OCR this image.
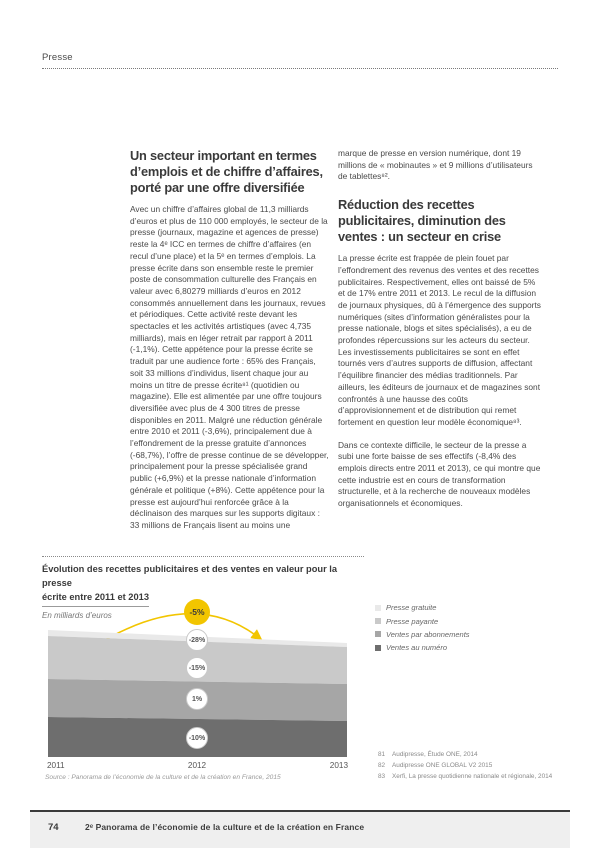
Presse
Un secteur important en termes d’emplois et de chiffre d’affaires, porté par une offre diversifiée
Avec un chiffre d’affaires global de 11,3 milliards d’euros et plus de 110 000 employés, le secteur de la presse (journaux, magazine et agences de presse) reste la 4ᵉ ICC en termes de chiffre d’affaires (en recul d’une place) et la 5ᵉ en termes d’emplois. La presse écrite dans son ensemble reste le premier poste de consommation culturelle des Français en valeur avec 6,80279 milliards d’euros en 2012 consommés annuellement dans les journaux, revues et périodiques. Cette activité reste devant les spectacles et les activités artistiques (avec 4,735 milliards), mais en léger retrait par rapport à 2011 (-1,1%). Cette appétence pour la presse écrite se traduit par une audience forte : 65% des Français, soit 33 millions d’individus, lisent chaque jour au moins un titre de presse écrite⁸¹ (quotidien ou magazine). Elle est alimentée par une offre toujours diversifiée avec plus de 4 300 titres de presse disponibles en 2011. Malgré une réduction générale entre 2010 et 2011 (-3,6%), principalement due à l’effondrement de la presse gratuite d’annonces (-68,7%), l’offre de presse continue de se développer, principalement pour la presse spécialisée grand public (+6,9%) et la presse nationale d’information générale et politique (+8%). Cette appétence pour la presse est aujourd’hui renforcée grâce à la déclinaison des marques sur les supports digitaux : 33 millions de Français lisent au moins une
marque de presse en version numérique, dont 19 millions de « mobinautes » et 9 millions d’utilisateurs de tablettes⁸².
Réduction des recettes publicitaires, diminution des ventes : un secteur en crise
La presse écrite est frappée de plein fouet par l’effondrement des revenus des ventes et des recettes publicitaires. Respectivement, elles ont baissé de 5% et de 17% entre 2011 et 2013. Le recul de la diffusion de journaux physiques, dû à l’émergence des supports numériques (sites d’information généralistes pour la presse nationale, blogs et sites spécialisés), a eu de profondes répercussions sur les acteurs du secteur. Les investissements publicitaires se sont en effet tournés vers d’autres supports de diffusion, affectant l’équilibre financier des médias traditionnels. Par ailleurs, les éditeurs de journaux et de magazines sont confrontés à une hausse des coûts d’approvisionnement et de distribution qui remet fortement en question leur modèle économique⁸³.
Dans ce contexte difficile, le secteur de la presse a subi une forte baisse de ses effectifs (-8,4% des emplois directs entre 2011 et 2013), ce qui montre que cette industrie est en cours de transformation structurelle, et à la recherche de nouveaux modèles organisationnels et économiques.
Évolution des recettes publicitaires et des ventes en valeur pour la presse
écrite entre 2011 et 2013
En milliards d’euros	-5%
-28%
-15%
1%
-10%
2011	2012	2013
Source : Panorama de l’économie de la culture et de la création en France, 2015
Presse gratuite
Presse payante
Ventes par abonnements
Ventes au numéro
81	Audipresse, Étude ONE, 2014
82	Audipresse ONE GLOBAL V2 2015
83	Xerfi, La presse quotidienne nationale et régionale, 2014
74	2ᵉ Panorama de l’économie de la culture et de la création en France
